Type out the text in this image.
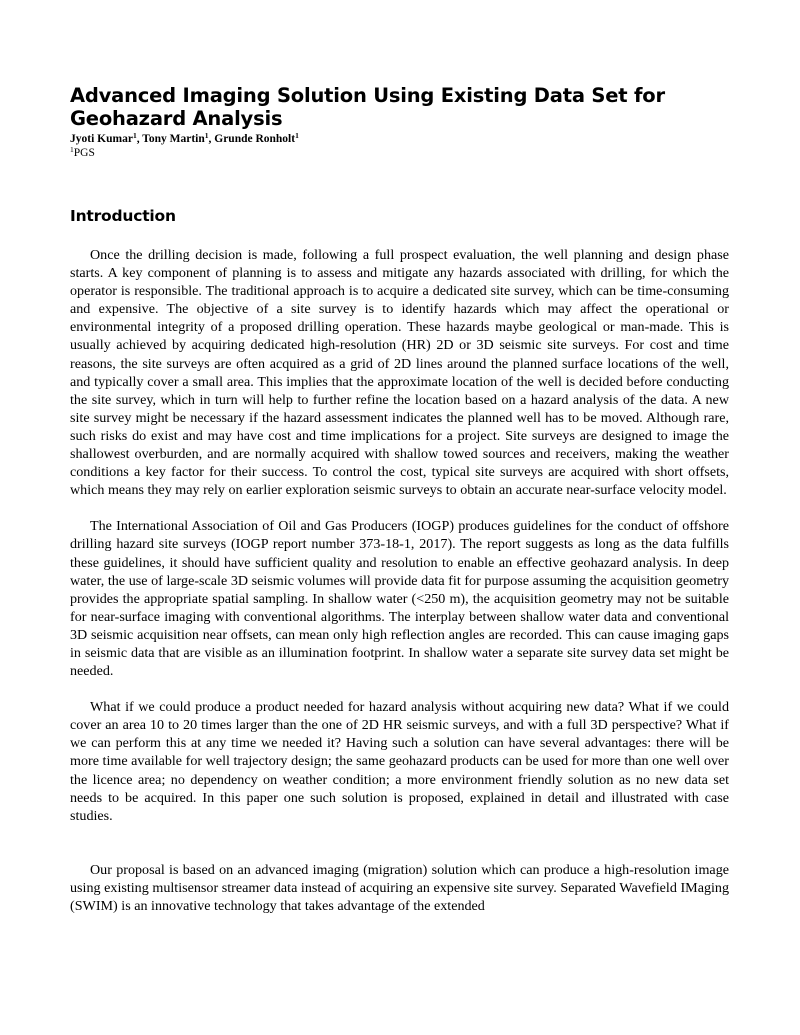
Advanced Imaging Solution Using Existing Data Set for Geohazard Analysis
Jyoti Kumar$^1$, Tony Martin$^1$, Grunde Ronholt$^1$
$^1$PGS
Introduction

Once the drilling decision is made, following a full prospect evaluation, the well planning and design phase starts. A key component of planning is to assess and mitigate any hazards associated with drilling, for which the operator is responsible. The traditional approach is to acquire a dedicated site survey, which can be time-consuming and expensive. The objective of a site survey is to identify hazards which may affect the operational or environmental integrity of a proposed drilling operation. These hazards maybe geological or man-made. This is usually achieved by acquiring dedicated high-resolution (HR) 2D or 3D seismic site surveys. For cost and time reasons, the site surveys are often acquired as a grid of 2D lines around the planned surface locations of the well, and typically cover a small area. This implies that the approximate location of the well is decided before conducting the site survey, which in turn will help to further refine the location based on a hazard analysis of the data. A new site survey might be necessary if the hazard assessment indicates the planned well has to be moved. Although rare, such risks do exist and may have cost and time implications for a project. Site surveys are designed to image the shallowest overburden, and are normally acquired with shallow towed sources and receivers, making the weather conditions a key factor for their success. To control the cost, typical site surveys are acquired with short offsets, which means they may rely on earlier exploration seismic surveys to obtain an accurate near-surface velocity model.

The International Association of Oil and Gas Producers (IOGP) produces guidelines for the conduct of offshore drilling hazard site surveys (IOGP report number 373-18-1, 2017). The report suggests as long as the data fulfills these guidelines, it should have sufficient quality and resolution to enable an effective geohazard analysis. In deep water, the use of large-scale 3D seismic volumes will provide data fit for purpose assuming the acquisition geometry provides the appropriate spatial sampling. In shallow water (<250 m), the acquisition geometry may not be suitable for near-surface imaging with conventional algorithms. The interplay between shallow water data and conventional 3D seismic acquisition near offsets, can mean only high reflection angles are recorded. This can cause imaging gaps in seismic data that are visible as an illumination footprint. In shallow water a separate site survey data set might be needed.

What if we could produce a product needed for hazard analysis without acquiring new data? What if we could cover an area 10 to 20 times larger than the one of 2D HR seismic surveys, and with a full 3D perspective? What if we can perform this at any time we needed it? Having such a solution can have several advantages: there will be more time available for well trajectory design; the same geohazard products can be used for more than one well over the licence area; no dependency on weather condition; a more environment friendly solution as no new data set needs to be acquired. In this paper one such solution is proposed, explained in detail and illustrated with case studies.

Our proposal is based on an advanced imaging (migration) solution which can produce a high-resolution image using existing multisensor streamer data instead of acquiring an expensive site survey. Separated Wavefield IMaging (SWIM) is an innovative technology that takes advantage of the extended
